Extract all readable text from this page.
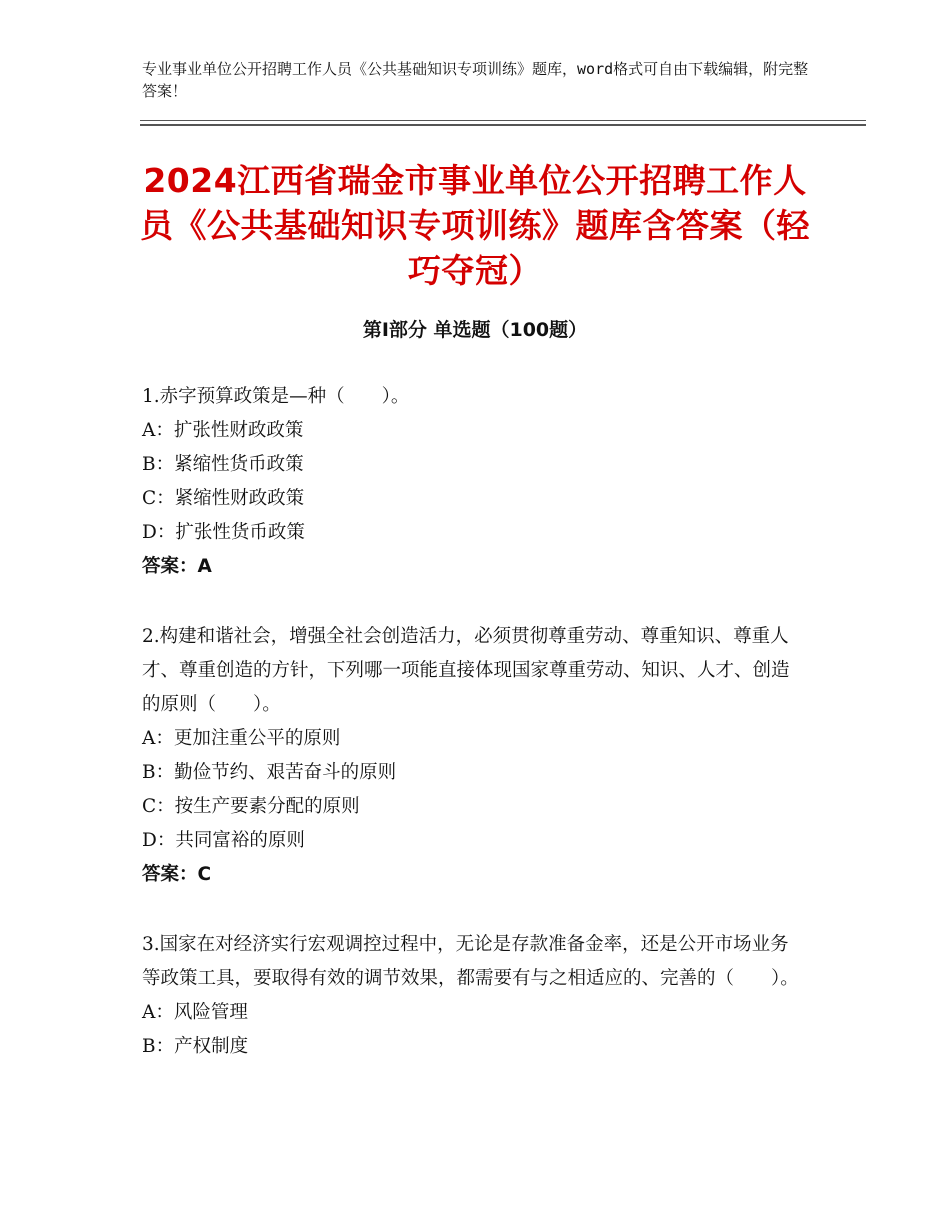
专业事业单位公开招聘工作人员《公共基础知识专项训练》题库，word格式可自由下载编辑，附完整答案！
2024江西省瑞金市事业单位公开招聘工作人员《公共基础知识专项训练》题库含答案（轻巧夺冠）
第Ⅰ部分 单选题（100题）
1.赤字预算政策是—种（　　）。

A：扩张性财政政策

B：紧缩性货币政策

C：紧缩性财政政策

D：扩张性货币政策

答案：A
2.构建和谐社会，增强全社会创造活力，必须贯彻尊重劳动、尊重知识、尊重人才、尊重创造的方针，下列哪一项能直接体现国家尊重劳动、知识、人才、创造的原则（　　）。

A：更加注重公平的原则

B：勤俭节约、艰苦奋斗的原则

C：按生产要素分配的原则

D：共同富裕的原则

答案：C
3.国家在对经济实行宏观调控过程中，无论是存款准备金率，还是公开市场业务等政策工具，要取得有效的调节效果，都需要有与之相适应的、完善的（　　）。

A：风险管理

B：产权制度
